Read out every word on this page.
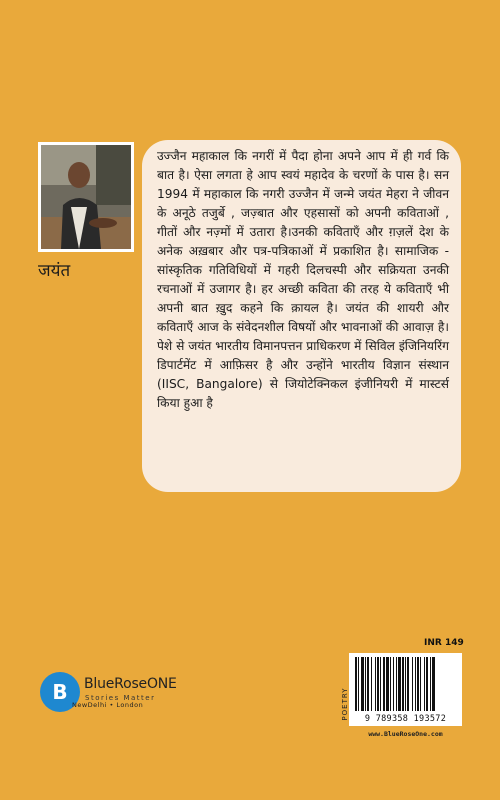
जयंत

उज्जैन महाकाल कि नगरीं में पैदा होना अपने आप में ही गर्व कि बात है। ऐसा लगता हे आप स्वयं महादेव के चरणों के पास है। सन 1994 में महाकाल कि नगरी उज्जैन में जन्मे जयंत मेहरा ने जीवन के अनूठे तजुर्बे , जज़्बात और एहसासों को अपनी कविताओं , गीतों और नज़्मों में उतारा है।उनकी कविताएँ और ग़ज़लें देश के अनेक अख़बार और पत्र-पत्रिकाओं में प्रकाशित है। सामाजिक - सांस्कृतिक गतिविधियों में गहरी दिलचस्पी और सक्रियता उनकी रचनाओं में उजागर है। हर अच्छी कविता की तरह ये कविताएँ भी अपनी बात ख़ुद कहने कि क़ायल है। जयंत की शायरी और कविताएँ आज के संवेदनशील विषयों और भावनाओं की आवाज़ है। पेशे से जयंत भारतीय विमानपत्तन प्राधिकरण में सिविल इंजिनियरिंग डिपार्टमेंट में आफ़िसर है और उन्होंने भारतीय विज्ञान संस्थान (IISC, Bangalore) से जियोटेक्निकल इंजीनियरी में मास्टर्स किया हुआ है

B	BlueRoseONE
Stories Matter
NewDelhi • London
INR 149
POETRY	9 789358 193572
www.BlueRoseOne.com
